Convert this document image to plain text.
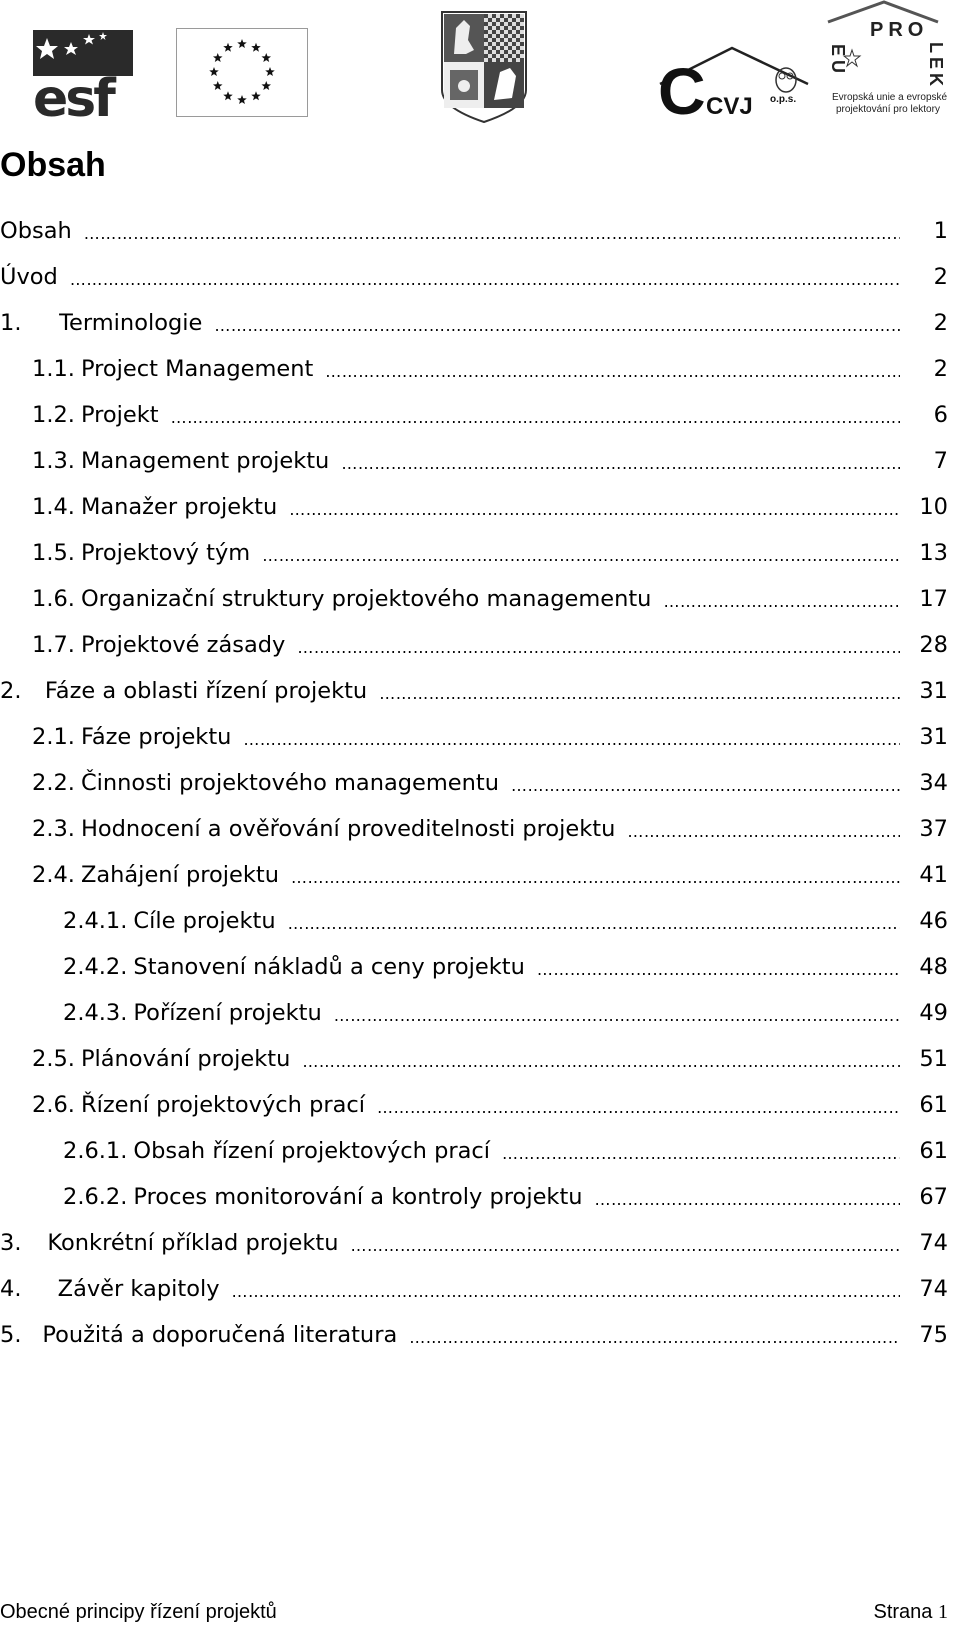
esf	C CVJ o.p.s.
PRO
EU	LEK
Evropská unie a evropské
projektování pro lektory
Obsah
Obsah …………………………………………………………………………………………………………………………………………	1
Úvod …………………………………………………………………………………………………………………………………………	2
1.	Terminologie …………………………………………………………………………………………………………………………………………	2
1.1. Project Management …………………………………………………………………………………………………………………………………………	2
1.2. Projekt …………………………………………………………………………………………………………………………………………	6
1.3. Management projektu …………………………………………………………………………………………………………………………………………	7
1.4. Manažer projektu …………………………………………………………………………………………………………………………………………	10
1.5. Projektový tým …………………………………………………………………………………………………………………………………………	13
1.6. Organizační struktury projektového managementu …………………………………………………………………………………………………………………………………………	17
1.7. Projektové zásady …………………………………………………………………………………………………………………………………………	28
2.	Fáze a oblasti řízení projektu …………………………………………………………………………………………………………………………………………	31
2.1. Fáze projektu …………………………………………………………………………………………………………………………………………	31
2.2. Činnosti projektového managementu …………………………………………………………………………………………………………………………………………	34
2.3. Hodnocení a ověřování proveditelnosti projektu …………………………………………………………………………………………………………………………………………	37
2.4. Zahájení projektu …………………………………………………………………………………………………………………………………………	41
2.4.1. Cíle projektu …………………………………………………………………………………………………………………………………………	46
2.4.2. Stanovení nákladů a ceny projektu …………………………………………………………………………………………………………………………………………	48
2.4.3. Pořízení projektu …………………………………………………………………………………………………………………………………………	49
2.5. Plánování projektu …………………………………………………………………………………………………………………………………………	51
2.6. Řízení projektových prací …………………………………………………………………………………………………………………………………………	61
2.6.1. Obsah řízení projektových prací …………………………………………………………………………………………………………………………………………	61
2.6.2. Proces monitorování a kontroly projektu …………………………………………………………………………………………………………………………………………	67
3.	Konkrétní příklad projektu …………………………………………………………………………………………………………………………………………	74
4.	Závěr kapitoly …………………………………………………………………………………………………………………………………………	74
5. Použitá a doporučená literatura …………………………………………………………………………………………………………………………………………	75
Obecné principy řízení projektů	Strana 1
